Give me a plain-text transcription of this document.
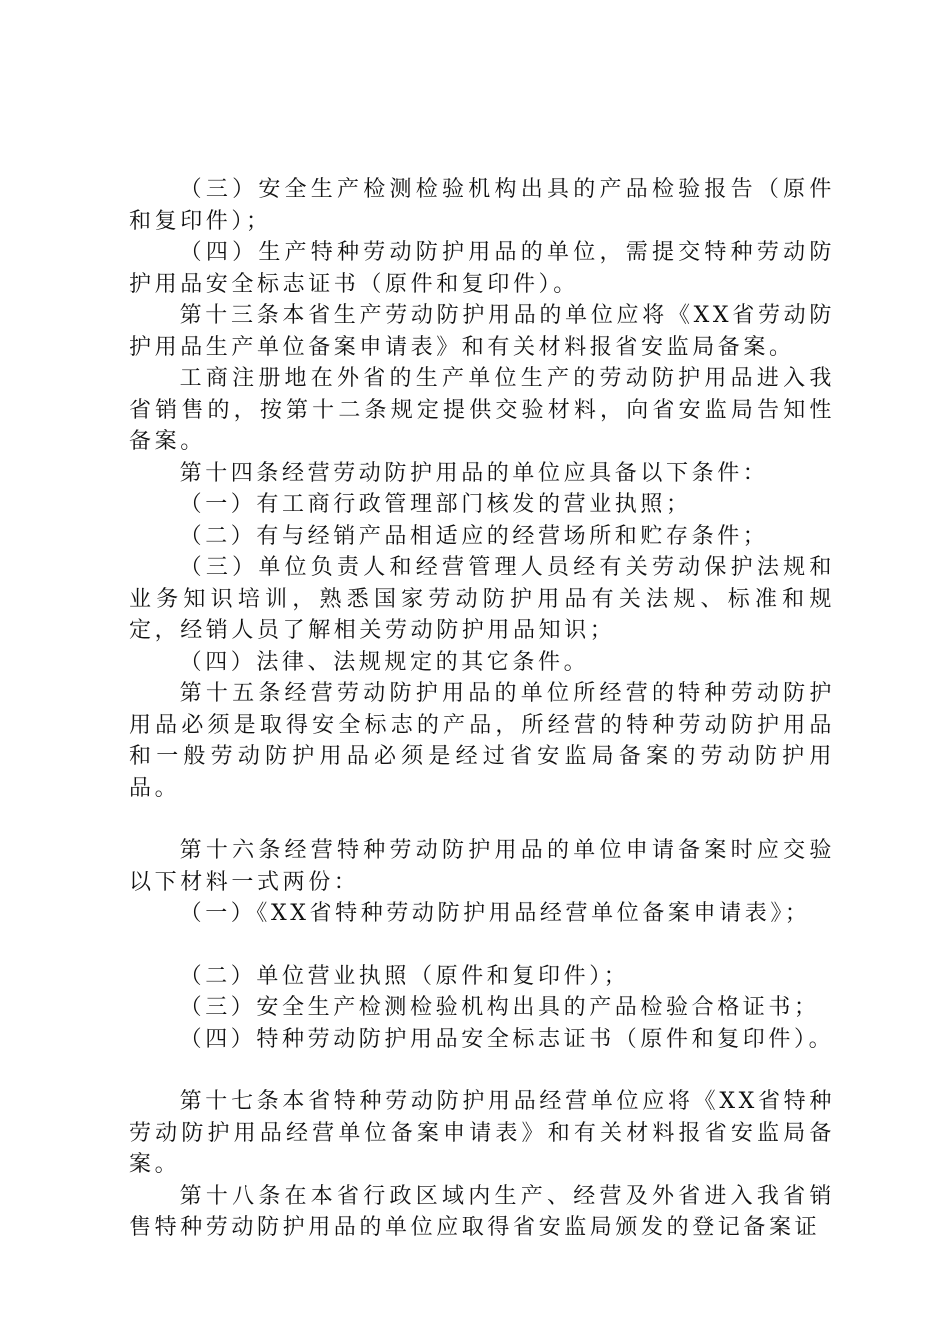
（三）安全生产检测检验机构出具的产品检验报告（原件和复印件）；

（四）生产特种劳动防护用品的单位，需提交特种劳动防护用品安全标志证书（原件和复印件）。

第十三条本省生产劳动防护用品的单位应将《XX省劳动防护用品生产单位备案申请表》和有关材料报省安监局备案。

工商注册地在外省的生产单位生产的劳动防护用品进入我省销售的，按第十二条规定提供交验材料，向省安监局告知性备案。

第十四条经营劳动防护用品的单位应具备以下条件：

（一）有工商行政管理部门核发的营业执照；

（二）有与经销产品相适应的经营场所和贮存条件；

（三）单位负责人和经营管理人员经有关劳动保护法规和业务知识培训，熟悉国家劳动防护用品有关法规、标准和规定，经销人员了解相关劳动防护用品知识；

（四）法律、法规规定的其它条件。

第十五条经营劳动防护用品的单位所经营的特种劳动防护用品必须是取得安全标志的产品，所经营的特种劳动防护用品和一般劳动防护用品必须是经过省安监局备案的劳动防护用品。

第十六条经营特种劳动防护用品的单位申请备案时应交验以下材料一式两份：

（一）《XX省特种劳动防护用品经营单位备案申请表》；

（二）单位营业执照（原件和复印件）；

（三）安全生产检测检验机构出具的产品检验合格证书；

（四）特种劳动防护用品安全标志证书（原件和复印件）。

第十七条本省特种劳动防护用品经营单位应将《XX省特种劳动防护用品经营单位备案申请表》和有关材料报省安监局备案。

第十八条在本省行政区域内生产、经营及外省进入我省销售特种劳动防护用品的单位应取得省安监局颁发的登记备案证
